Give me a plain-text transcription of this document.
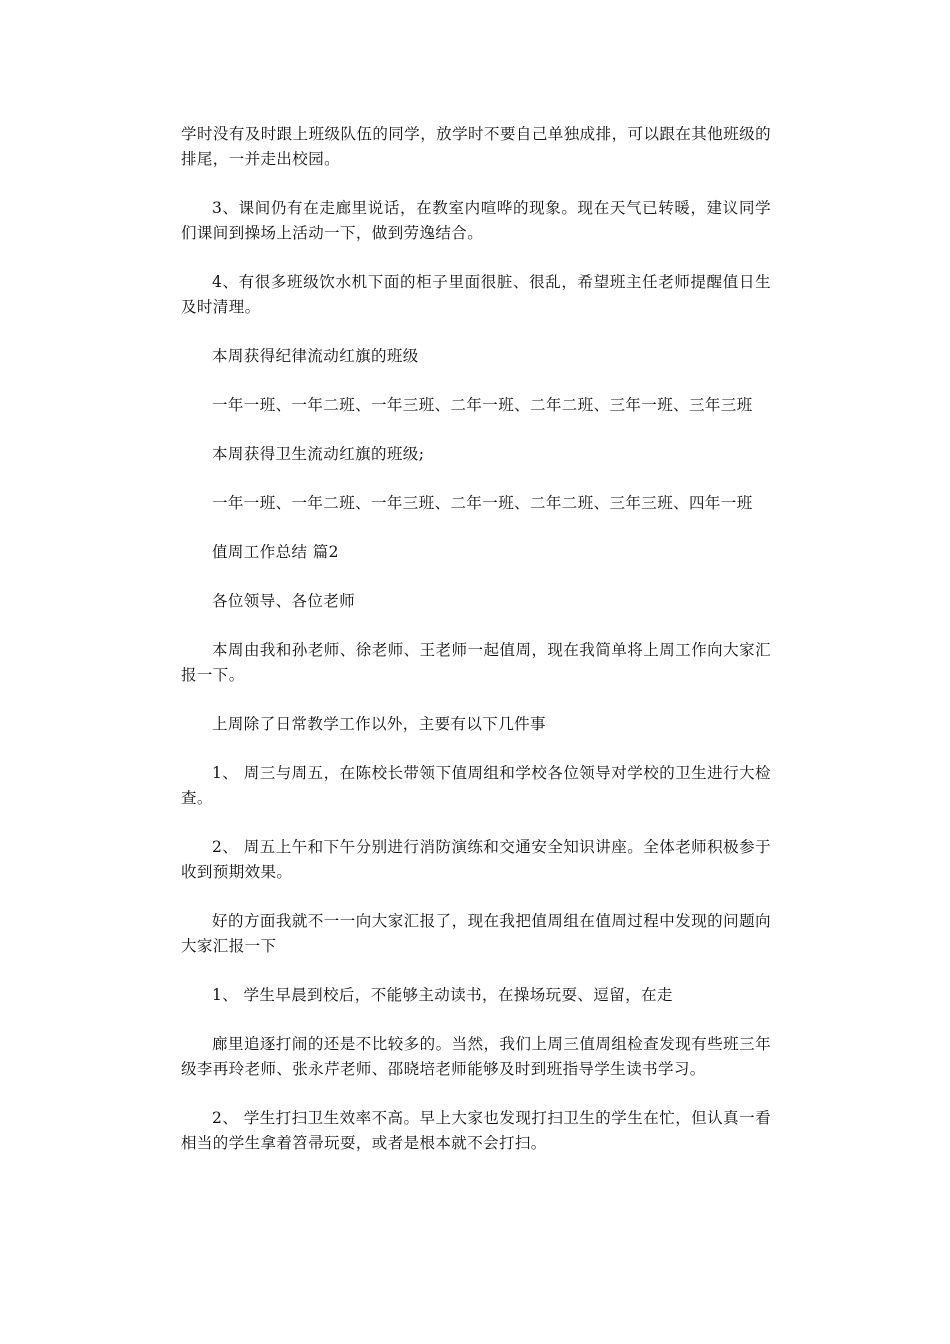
学时没有及时跟上班级队伍的同学，放学时不要自己单独成排，可以跟在其他班级的排尾，一并走出校园。

3、课间仍有在走廊里说话，在教室内喧哗的现象。现在天气已转暖，建议同学们课间到操场上活动一下，做到劳逸结合。

4、有很多班级饮水机下面的柜子里面很脏、很乱，希望班主任老师提醒值日生及时清理。

本周获得纪律流动红旗的班级

一年一班、一年二班、一年三班、二年一班、二年二班、三年一班、三年三班

本周获得卫生流动红旗的班级;

一年一班、一年二班、一年三班、二年一班、二年二班、三年三班、四年一班

值周工作总结 篇2

各位领导、各位老师

本周由我和孙老师、徐老师、王老师一起值周，现在我简单将上周工作向大家汇报一下。

上周除了日常教学工作以外，主要有以下几件事

1、 周三与周五，在陈校长带领下值周组和学校各位领导对学校的卫生进行大检查。

2、 周五上午和下午分别进行消防演练和交通安全知识讲座。全体老师积极参于收到预期效果。

好的方面我就不一一向大家汇报了，现在我把值周组在值周过程中发现的问题向大家汇报一下

1、 学生早晨到校后，不能够主动读书，在操场玩耍、逗留，在走

廊里追逐打闹的还是不比较多的。当然，我们上周三值周组检查发现有些班三年级李再玲老师、张永芹老师、邵晓培老师能够及时到班指导学生读书学习。

2、 学生打扫卫生效率不高。早上大家也发现打扫卫生的学生在忙，但认真一看相当的学生拿着笤帚玩耍，或者是根本就不会打扫。
